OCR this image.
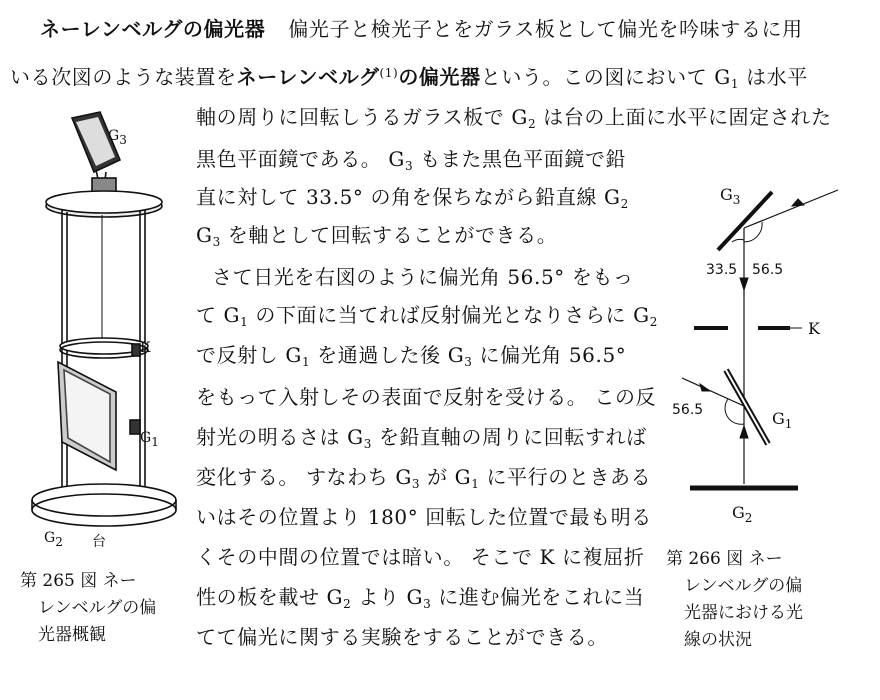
ネーレンベルグの偏光器 偏光子と検光子とをガラス板として偏光を吟味するに用
いる次図のような装置をネーレンベルグ$^{(1)}$の偏光器という。この図において $G_1$ は水平
軸の周りに回転しうるガラス板で $G_2$ は台の上面に水平に固定された
黒色平面鏡である。 $G_3$ もまた黒色平面鏡で鉛
直に対して 33.5° の角を保ちながら鉛直線 $G_2$
$G_3$ を軸として回転することができる。
さて日光を右図のように偏光角 56.5° をもっ
て $G_1$ の下面に当てれば反射偏光となりさらに $G_2$
で反射し $G_1$ を通過した後 $G_3$ に偏光角 56.5°
をもって入射しその表面で反射を受ける。 この反
射光の明るさは $G_3$ を鉛直軸の周りに回転すれば
変化する。 すなわち $G_3$ が $G_1$ に平行のときある
いはその位置より 180° 回転した位置で最も明る
くその中間の位置では暗い。 そこで K に複屈折
性の板を載せ $G_2$ より $G_3$ に進む偏光をこれに当
てて偏光に関する実験をすることができる。
G3
K
G1
G2 台
第 265 図 ネー
レンベルグの偏
光器概観
$G_3$
33.5 56.5
K
56.5	$G_1$
$G_2$
第 266 図 ネー
レンベルグの偏
光器における光
線の状況
